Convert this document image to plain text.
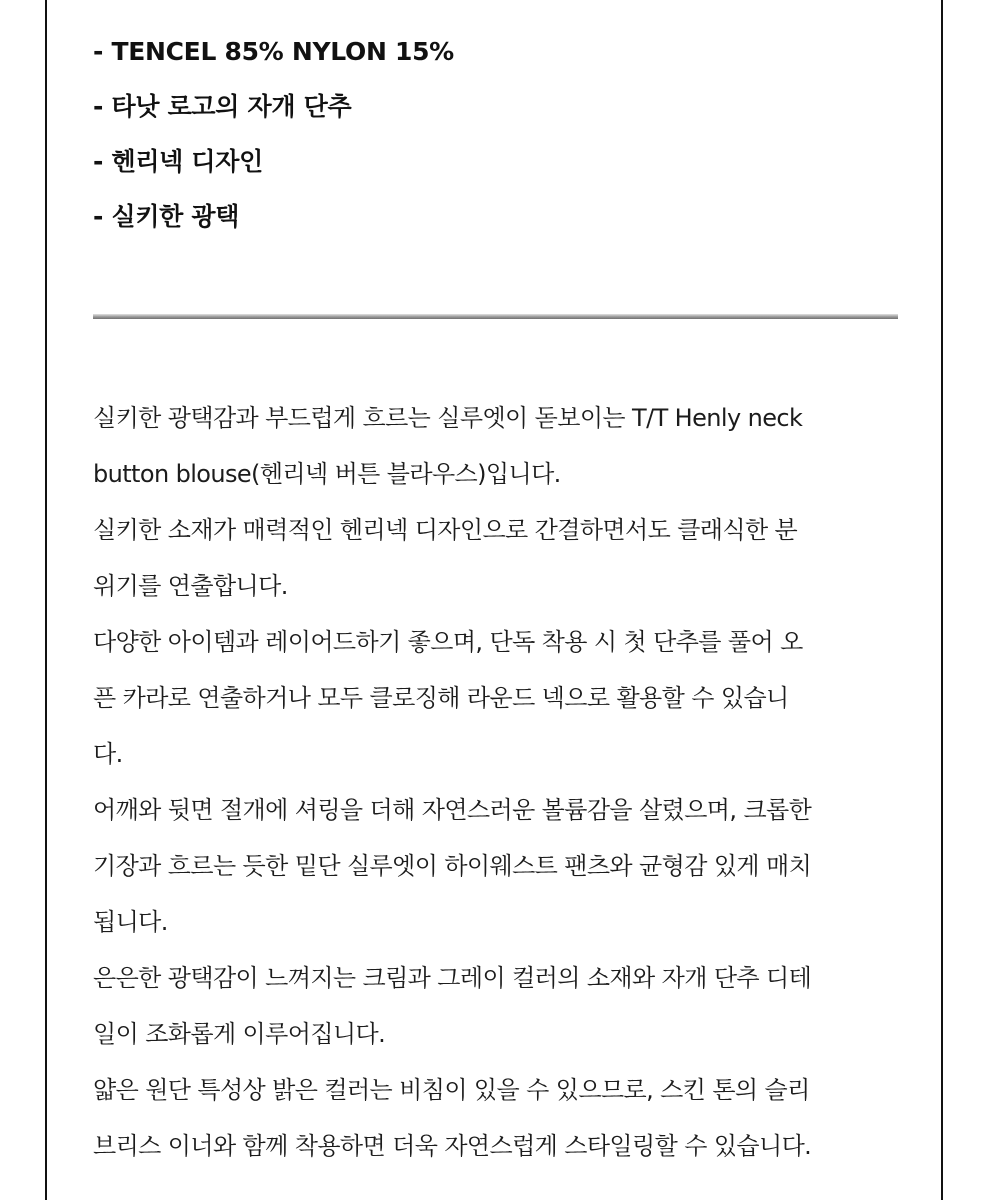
- TENCEL 85% NYLON 15%
- 타낫 로고의 자개 단추
- 헨리넥 디자인
- 실키한 광택
실키한 광택감과 부드럽게 흐르는 실루엣이 돋보이는 T/T Henly neck
button blouse(헨리넥 버튼 블라우스)입니다.
실키한 소재가 매력적인 헨리넥 디자인으로 간결하면서도 클래식한 분
위기를 연출합니다.
다양한 아이템과 레이어드하기 좋으며, 단독 착용 시 첫 단추를 풀어 오
픈 카라로 연출하거나 모두 클로징해 라운드 넥으로 활용할 수 있습니
다.
어깨와 뒷면 절개에 셔링을 더해 자연스러운 볼륨감을 살렸으며, 크롭한
기장과 흐르는 듯한 밑단 실루엣이 하이웨스트 팬츠와 균형감 있게 매치
됩니다.
은은한 광택감이 느껴지는 크림과 그레이 컬러의 소재와 자개 단추 디테
일이 조화롭게 이루어집니다.
얇은 원단 특성상 밝은 컬러는 비침이 있을 수 있으므로, 스킨 톤의 슬리
브리스 이너와 함께 착용하면 더욱 자연스럽게 스타일링할 수 있습니다.
